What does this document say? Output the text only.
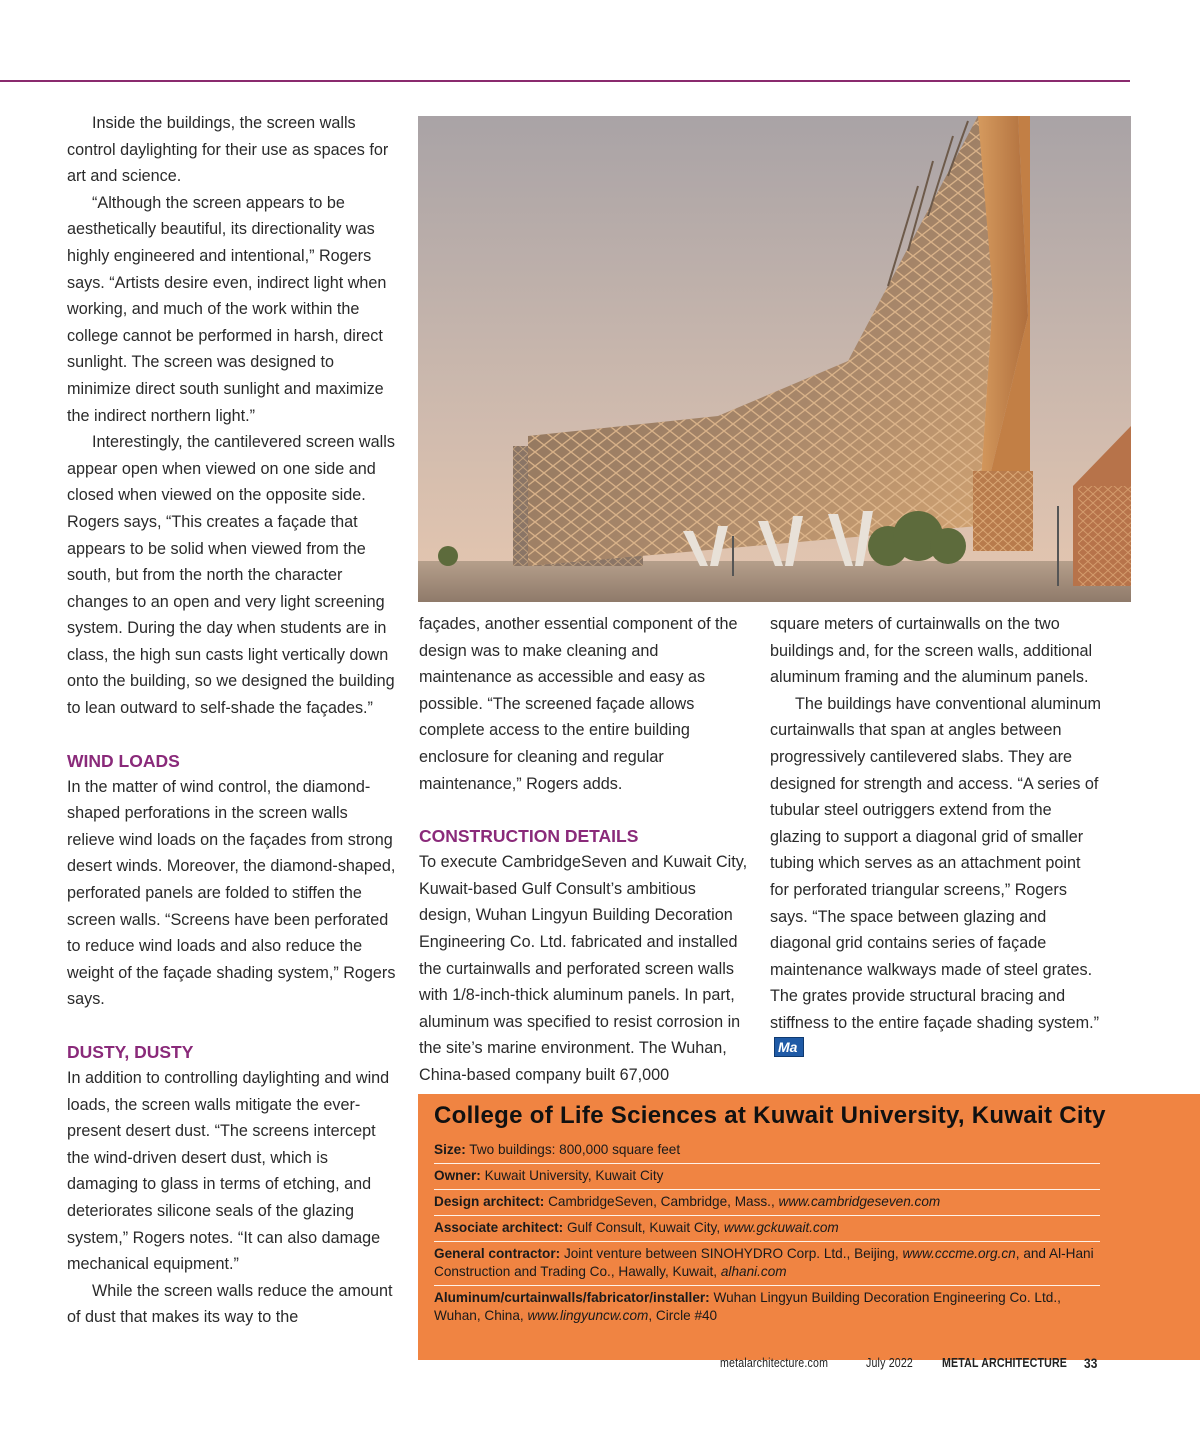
Inside the buildings, the screen walls control daylighting for their use as spaces for art and science.

“Although the screen appears to be aesthetically beautiful, its directionality was highly engineered and intentional,” Rogers says. “Artists desire even, indirect light when working, and much of the work within the college cannot be performed in harsh, direct sunlight. The screen was designed to minimize direct south sunlight and maximize the indirect northern light.”

Interestingly, the cantilevered screen walls appear open when viewed on one side and closed when viewed on the opposite side. Rogers says, “This creates a façade that appears to be solid when viewed from the south, but from the north the character changes to an open and very light screening system. During the day when students are in class, the high sun casts light vertically down onto the building, so we designed the building to lean outward to self-shade the façades.”

WIND LOADS

In the matter of wind control, the diamond-shaped perforations in the screen walls relieve wind loads on the façades from strong desert winds. Moreover, the diamond-shaped, perforated panels are folded to stiffen the screen walls. “Screens have been perforated to reduce wind loads and also reduce the weight of the façade shading system,” Rogers says.

DUSTY, DUSTY

In addition to controlling daylighting and wind loads, the screen walls mitigate the ever-present desert dust. “The screens intercept the wind-driven desert dust, which is damaging to glass in terms of etching, and deteriorates silicone seals of the glazing system,” Rogers notes. “It can also damage mechanical equipment.”

While the screen walls reduce the amount of dust that makes its way to the

façades, another essential component of the design was to make cleaning and maintenance as accessible and easy as possible. “The screened façade allows complete access to the entire building enclosure for cleaning and regular maintenance,” Rogers adds.

CONSTRUCTION DETAILS

To execute CambridgeSeven and Kuwait City, Kuwait-based Gulf Consult’s ambitious design, Wuhan Lingyun Building Decoration Engineering Co. Ltd. fabricated and installed the curtainwalls and perforated screen walls with 1/8-inch-thick aluminum panels. In part, aluminum was specified to resist corrosion in the site’s marine environment. The Wuhan, China-based company built 67,000

square meters of curtainwalls on the two buildings and, for the screen walls, additional aluminum framing and the aluminum panels.

The buildings have conventional aluminum curtainwalls that span at angles between progressively cantilevered slabs. They are designed for strength and access. “A series of tubular steel outriggers extend from the glazing to support a diagonal grid of smaller tubing which serves as an attachment point for perforated triangular screens,” Rogers says. “The space between glazing and diagonal grid contains series of façade maintenance walkways made of steel grates. The grates provide structural bracing and stiffness to the entire façade shading system.”
Ma

College of Life Sciences at Kuwait University, Kuwait City
Size: Two buildings: 800,000 square feet
Owner: Kuwait University, Kuwait City
Design architect: CambridgeSeven, Cambridge, Mass., www.cambridgeseven.com
Associate architect: Gulf Consult, Kuwait City, www.gckuwait.com
General contractor: Joint venture between SINOHYDRO Corp. Ltd., Beijing, www.cccme.org.cn, and Al-Hani Construction and Trading Co., Hawally, Kuwait, alhani.com
Aluminum/curtainwalls/fabricator/installer: Wuhan Lingyun Building Decoration Engineering Co. Ltd., Wuhan, China, www.lingyuncw.com, Circle #40
metalarchitecture.com	July 2022 METAL ARCHITECTURE 33
